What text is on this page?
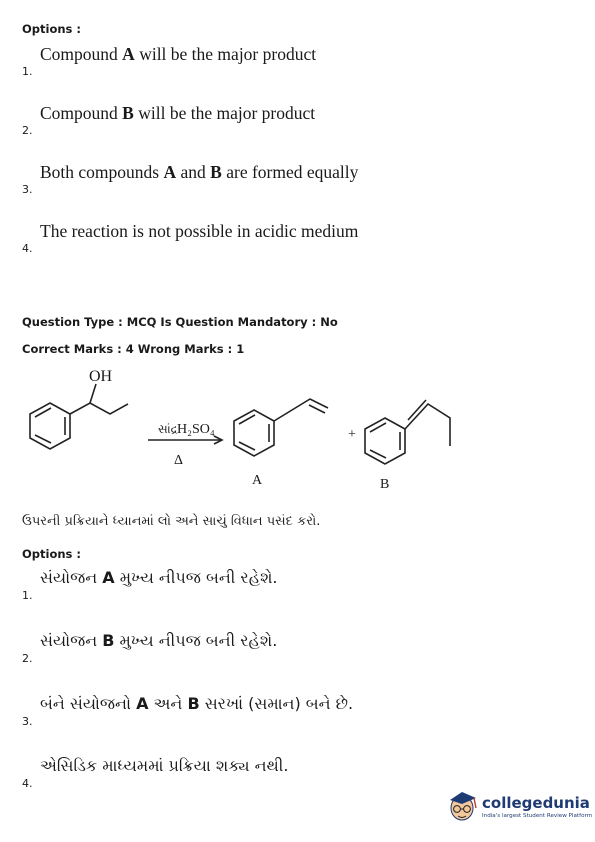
Options :
1.
Compound A will be the major product
2.
Compound B will be the major product
3.
Both compounds A and B are formed equally
4.
The reaction is not possible in acidic medium
Question Type : MCQ Is Question Mandatory : No
Correct Marks : 4 Wrong Marks : 1
OH
સાંદ્ર H₂SO₄
Δ
+
A	B
ઉપરની પ્રક્રિયાને ધ્યાનમાં લો અને સાચું વિધાન પસંદ કરો.
Options :
1.
સંયોજન A મુખ્ય નીપજ બની રહેશે.
2.
સંયોજન B મુખ્ય નીપજ બની રહેશે.
3.
બંને સંયોજનો A અને B સરખાં (સમાન) બને છે.
4.
એસિડિક માધ્યમમાં પ્રક્રિયા શક્ય નથી.
collegedunia
India's largest Student Review Platform
